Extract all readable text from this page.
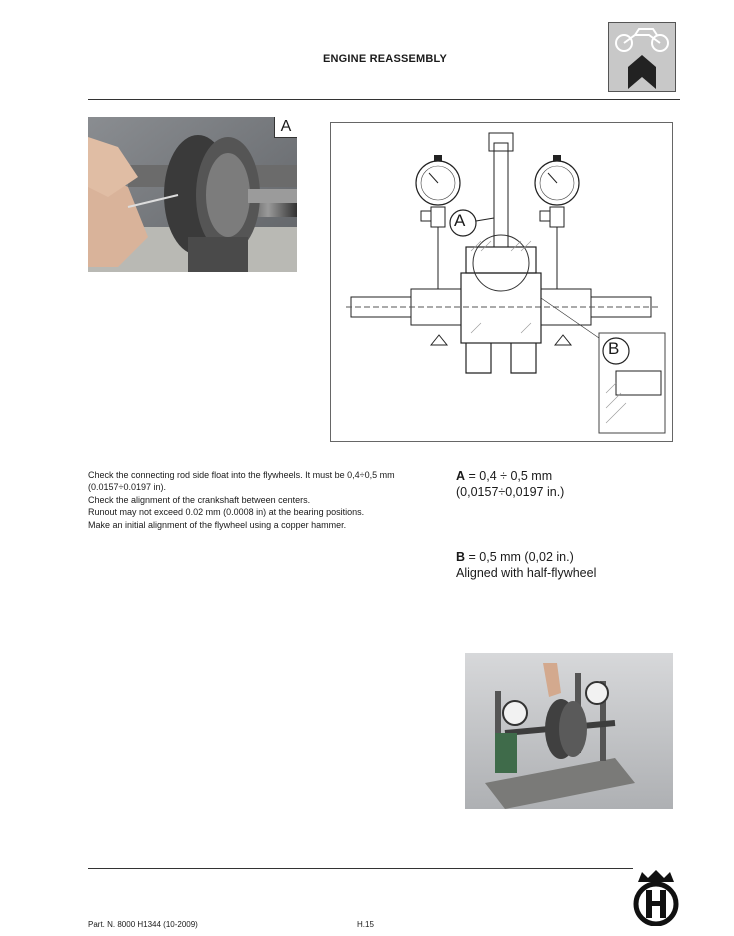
ENGINE REASSEMBLY
A
A
B
Check the connecting rod side float into the flywheels. It must be 0,4÷0,5 mm
(0.0157÷0.0197 in).
Check the alignment of the crankshaft between centers.
Runout may not exceed 0.02 mm (0.0008 in) at the bearing positions.
Make an initial alignment of the flywheel using a copper hammer.
A = 0,4 ÷ 0,5 mm
(0,0157÷0,0197 in.)
B = 0,5 mm (0,02 in.)
Aligned with half-flywheel
Part. N. 8000 H1344 (10-2009)	H.15
